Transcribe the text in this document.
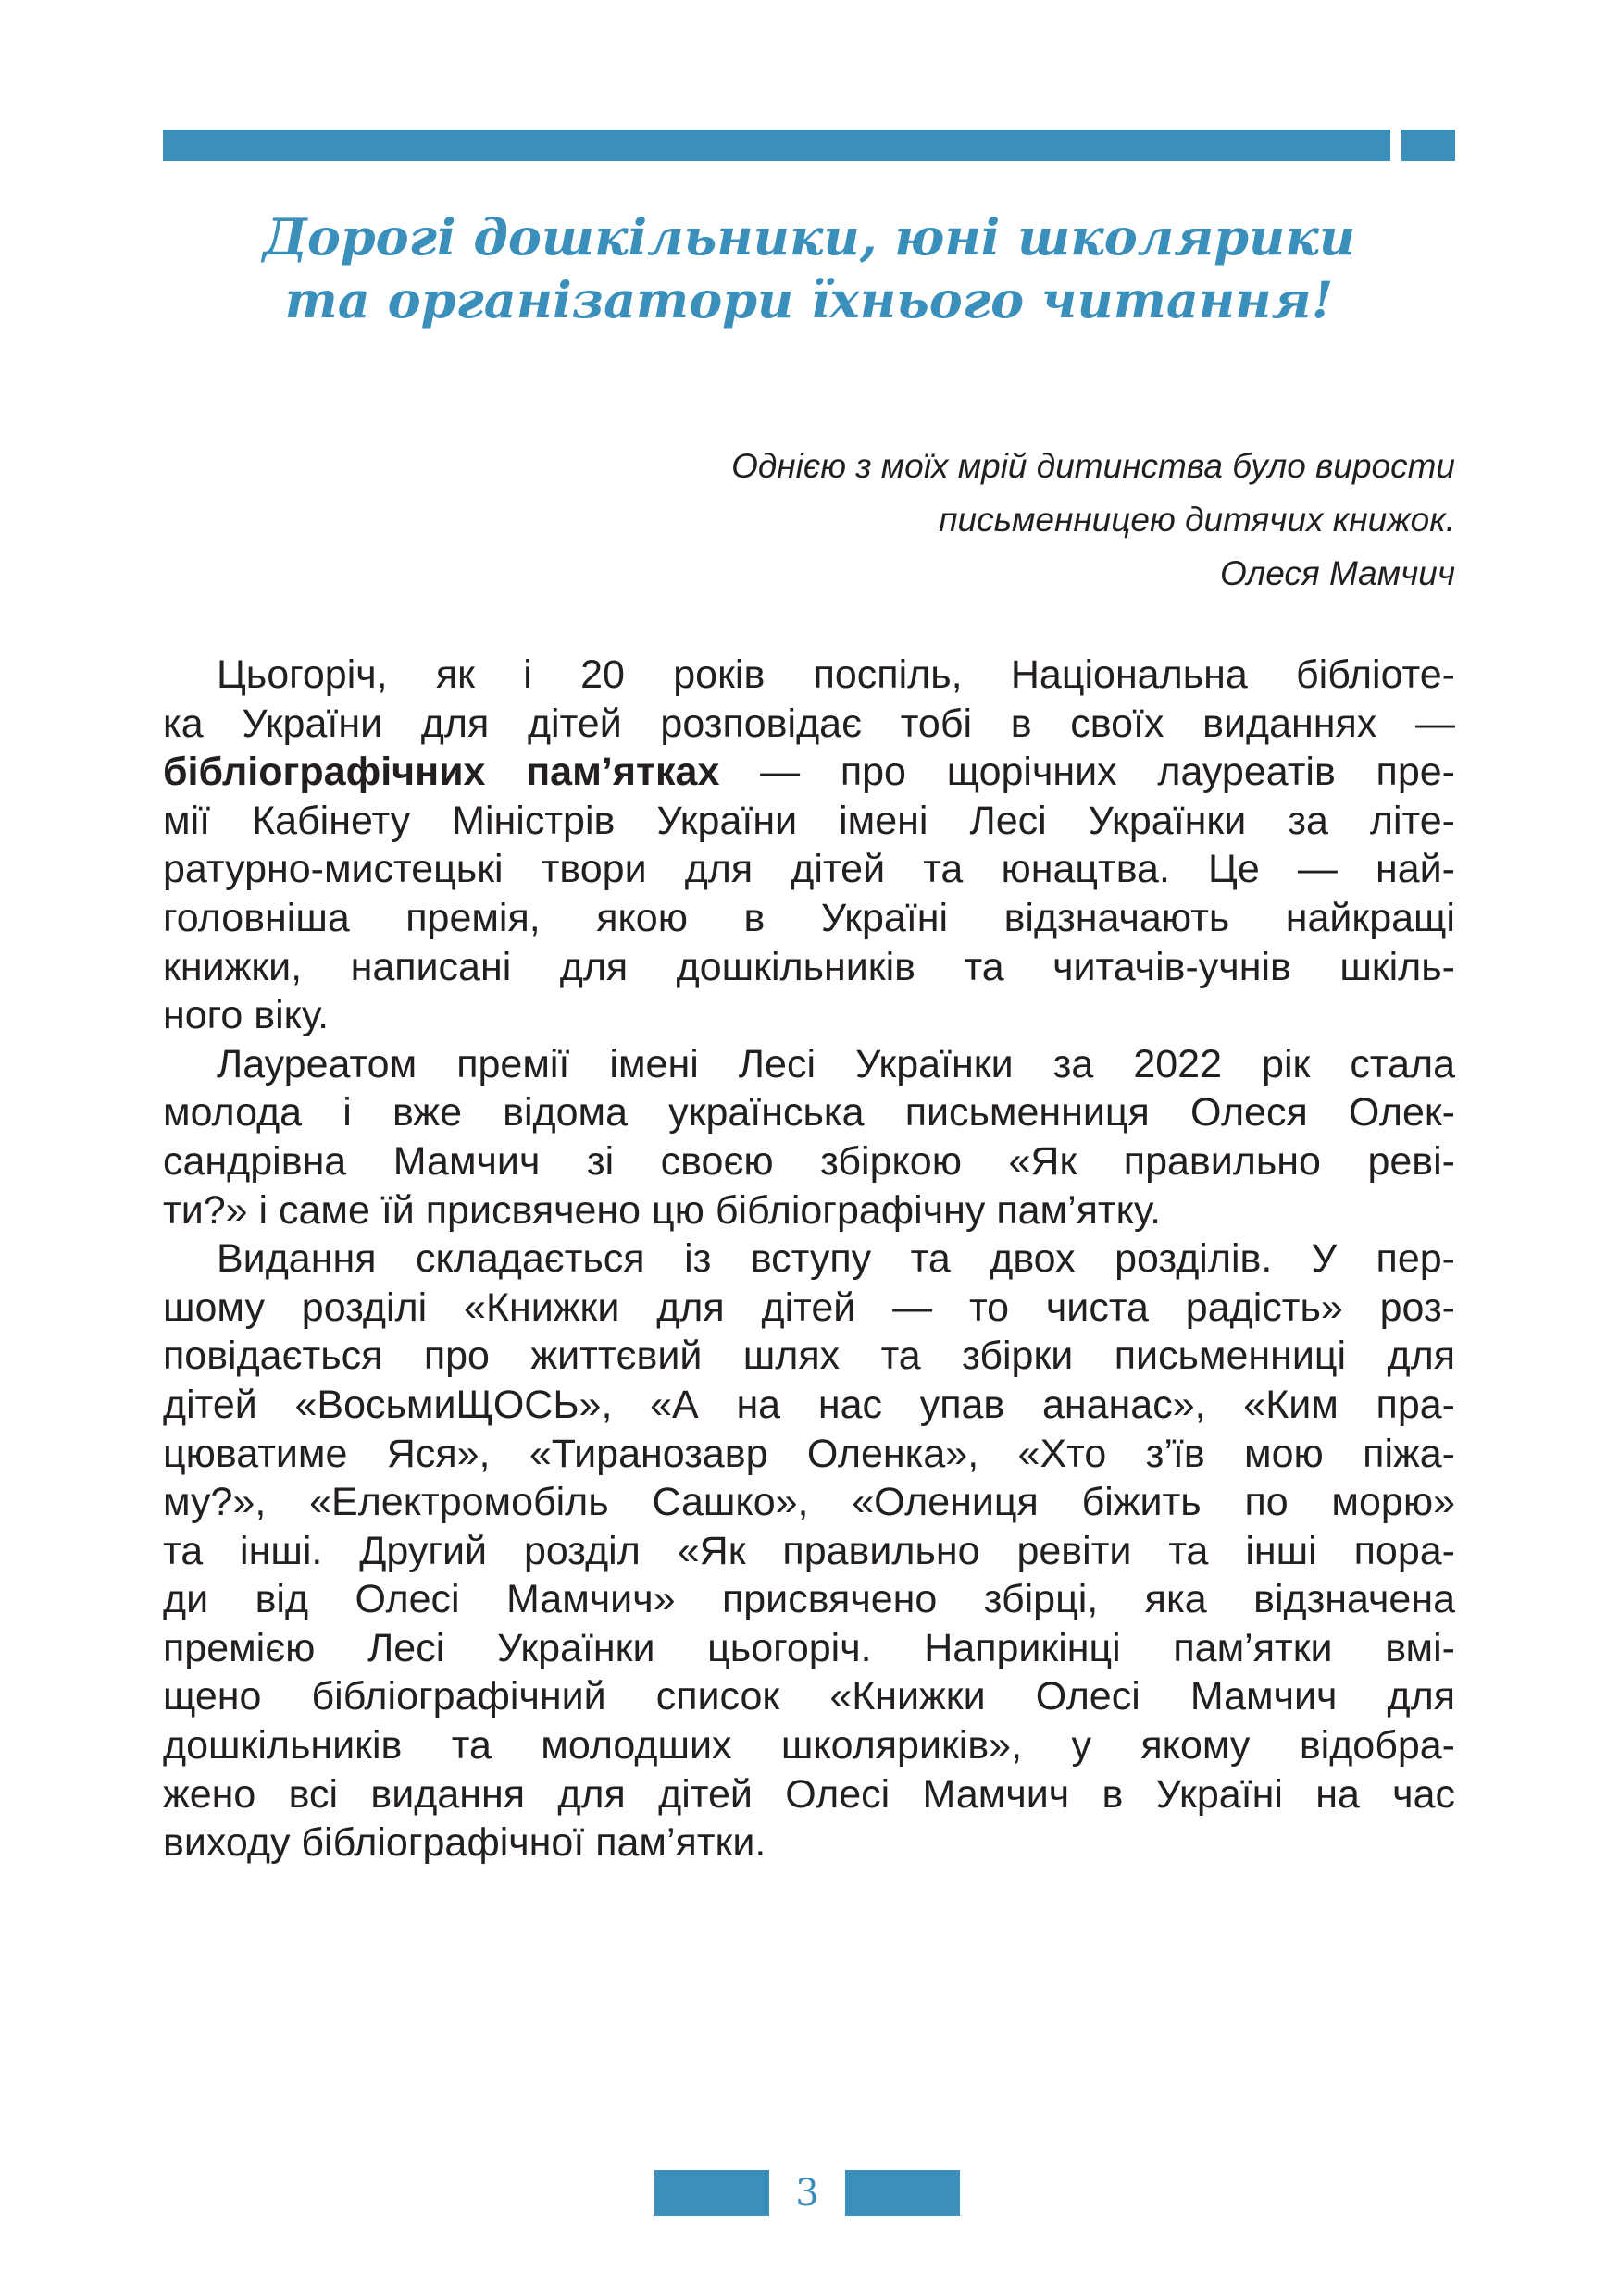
Дорогі дошкільники, юні школярики
та організатори їхнього читання!
Однією з моїх мрій дитинства було вирости
письменницею дитячих книжок.
Олеся Мамчич

Цьогоріч, як і 20 років поспіль, Національна бібліоте-
ка України для дітей розповідає тобі в своїх виданнях —
бібліографічних пам’ятках — про щорічних лауреатів пре-
мії Кабінету Міністрів України імені Лесі Українки за літе-
ратурно-мистецькі твори для дітей та юнацтва. Це — най-
головніша премія, якою в Україні відзначають найкращі
книжки, написані для дошкільників та читачів-учнів шкіль-
ного віку.

Лауреатом премії імені Лесі Українки за 2022 рік стала
молода і вже відома українська письменниця Олеся Олек-
сандрівна Мамчич зі своєю збіркою «Як правильно реві-
ти?» і саме їй присвячено цю бібліографічну пам’ятку.

Видання складається із вступу та двох розділів. У пер-
шому розділі «Книжки для дітей — то чиста радість» роз-
повідається про життєвий шлях та збірки письменниці для
дітей «ВосьмиЩОСЬ», «А на нас упав ананас», «Ким пра-
цюватиме Яся», «Тиранозавр Оленка», «Хто з’їв мою піжа-
му?», «Електромобіль Сашко», «Олениця біжить по морю»
та інші. Другий розділ «Як правильно ревіти та інші пора-
ди від Олесі Мамчич» присвячено збірці, яка відзначена
премією Лесі Українки цьогоріч. Наприкінці пам’ятки вмі-
щено бібліографічний список «Книжки Олесі Мамчич для
дошкільників та молодших школяриків», у якому відобра-
жено всі видання для дітей Олесі Мамчич в Україні на час
виходу бібліографічної пам’ятки.

3
